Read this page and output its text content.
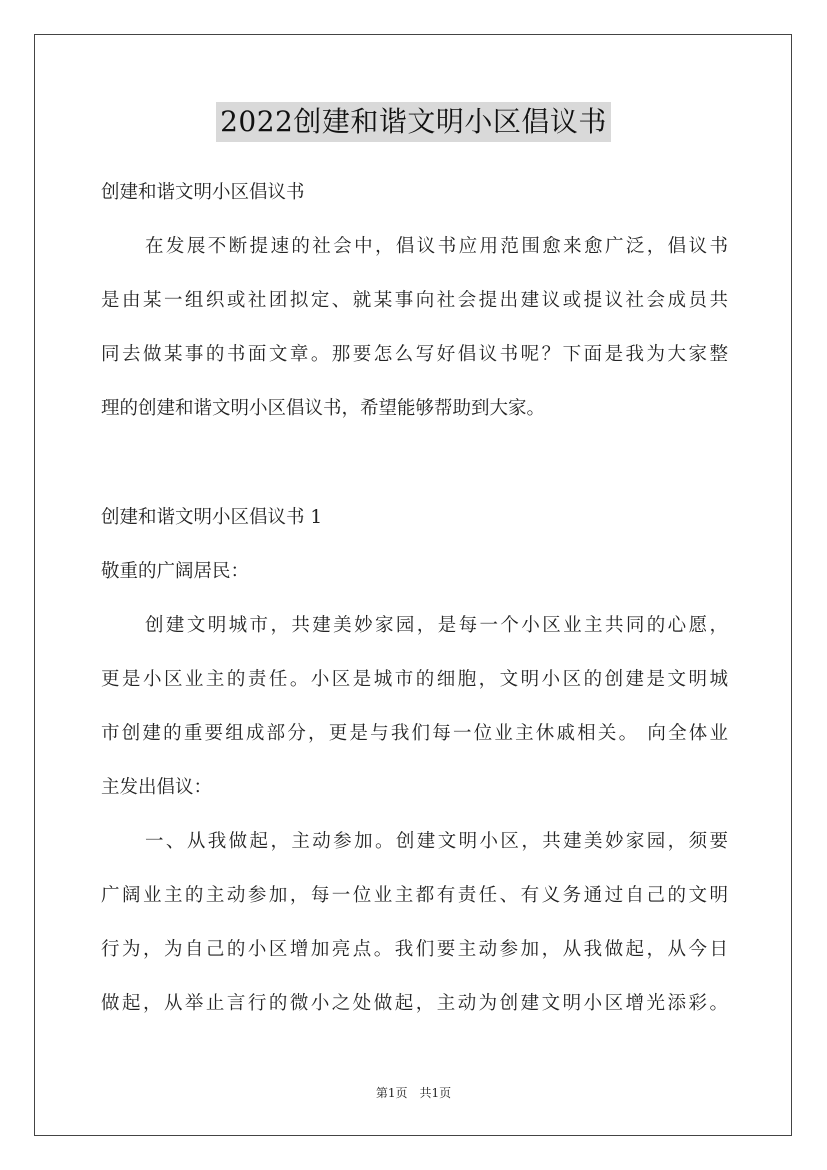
2022创建和谐文明小区倡议书
创建和谐文明小区倡议书
在发展不断提速的社会中，倡议书应用范围愈来愈广泛，倡议书
是由某一组织或社团拟定、就某事向社会提出建议或提议社会成员共
同去做某事的书面文章。那要怎么写好倡议书呢？下面是我为大家整
理的创建和谐文明小区倡议书，希望能够帮助到大家。
创建和谐文明小区倡议书 1
敬重的广阔居民：
创建文明城市，共建美妙家园，是每一个小区业主共同的心愿，
更是小区业主的责任。小区是城市的细胞，文明小区的创建是文明城
市创建的重要组成部分，更是与我们每一位业主休戚相关。 向全体业
主发出倡议：
一、从我做起，主动参加。创建文明小区，共建美妙家园，须要
广阔业主的主动参加，每一位业主都有责任、有义务通过自己的文明
行为，为自己的小区增加亮点。我们要主动参加，从我做起，从今日
做起，从举止言行的微小之处做起，主动为创建文明小区增光添彩。
第1页　共1页
